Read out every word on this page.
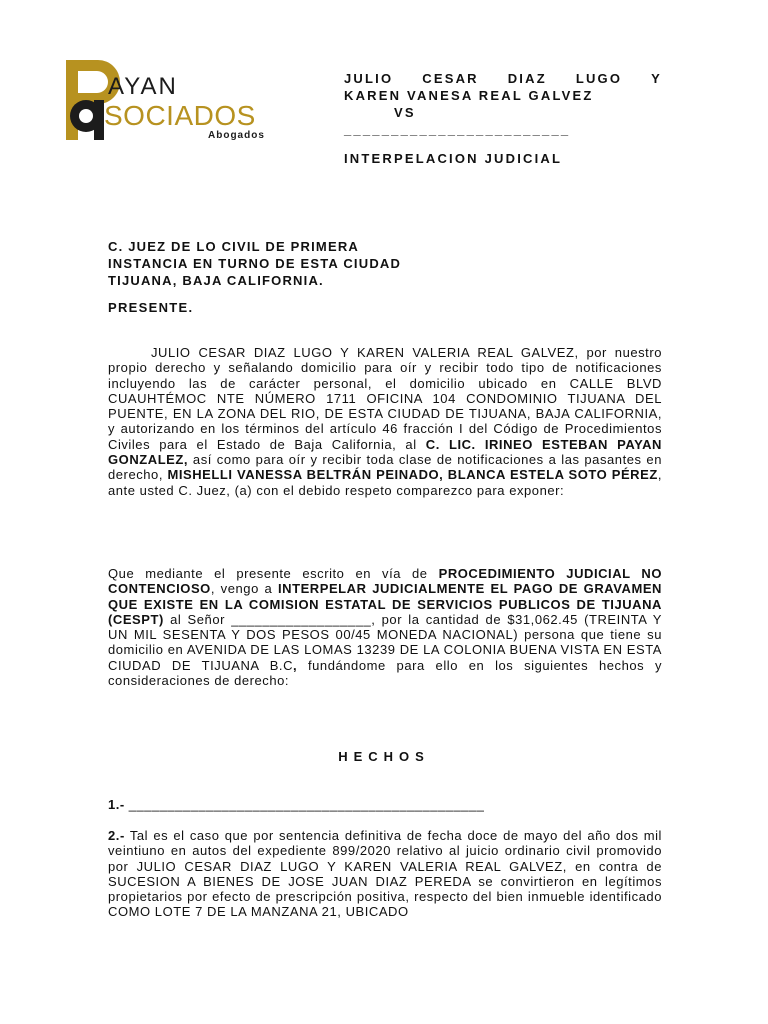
AYAN
SOCIADOS
Abogados
JULIO CESAR DIAZ LUGO Y
KAREN VANESA REAL GALVEZ
VS
________________________
INTERPELACION JUDICIAL
C. JUEZ DE LO CIVIL DE PRIMERA
INSTANCIA EN TURNO DE ESTA CIUDAD
TIJUANA, BAJA CALIFORNIA.
PRESENTE.
JULIO CESAR DIAZ LUGO Y KAREN VALERIA REAL GALVEZ, por nuestro propio derecho y señalando domicilio para oír y recibir todo tipo de notificaciones incluyendo las de carácter personal, el domicilio ubicado en CALLE BLVD CUAUHTÉMOC NTE NÚMERO 1711 OFICINA 104 CONDOMINIO TIJUANA DEL PUENTE, EN LA ZONA DEL RIO, DE ESTA CIUDAD DE TIJUANA, BAJA CALIFORNIA, y autorizando en los términos del artículo 46 fracción I del Código de Procedimientos Civiles para el Estado de Baja California, al C. LIC. IRINEO ESTEBAN PAYAN GONZALEZ, así como para oír y recibir toda clase de notificaciones a las pasantes en derecho, MISHELLI VANESSA BELTRÁN PEINADO, BLANCA ESTELA SOTO PÉREZ, ante usted C. Juez, (a) con el debido respeto comparezco para exponer:
Que mediante el presente escrito en vía de PROCEDIMIENTO JUDICIAL NO CONTENCIOSO, vengo a INTERPELAR JUDICIALMENTE EL PAGO DE GRAVAMEN QUE EXISTE EN LA COMISION ESTATAL DE SERVICIOS PUBLICOS DE TIJUANA (CESPT) al Señor __________________, por la cantidad de $31,062.45 (TREINTA Y UN MIL SESENTA Y DOS PESOS 00/45 MONEDA NACIONAL) persona que tiene su domicilio en AVENIDA DE LAS LOMAS 13239 DE LA COLONIA BUENA VISTA EN ESTA CIUDAD DE TIJUANA B.C, fundándome para ello en los siguientes hechos y consideraciones de derecho:
HECHOS
1.- ______________________________________________
2.- Tal es el caso que por sentencia definitiva de fecha doce de mayo del año dos mil veintiuno en autos del expediente 899/2020 relativo al juicio ordinario civil promovido por JULIO CESAR DIAZ LUGO Y KAREN VALERIA REAL GALVEZ, en contra de SUCESION A BIENES DE JOSE JUAN DIAZ PEREDA se convirtieron en legítimos propietarios por efecto de prescripción positiva, respecto del bien inmueble identificado COMO LOTE 7 DE LA MANZANA 21, UBICADO
